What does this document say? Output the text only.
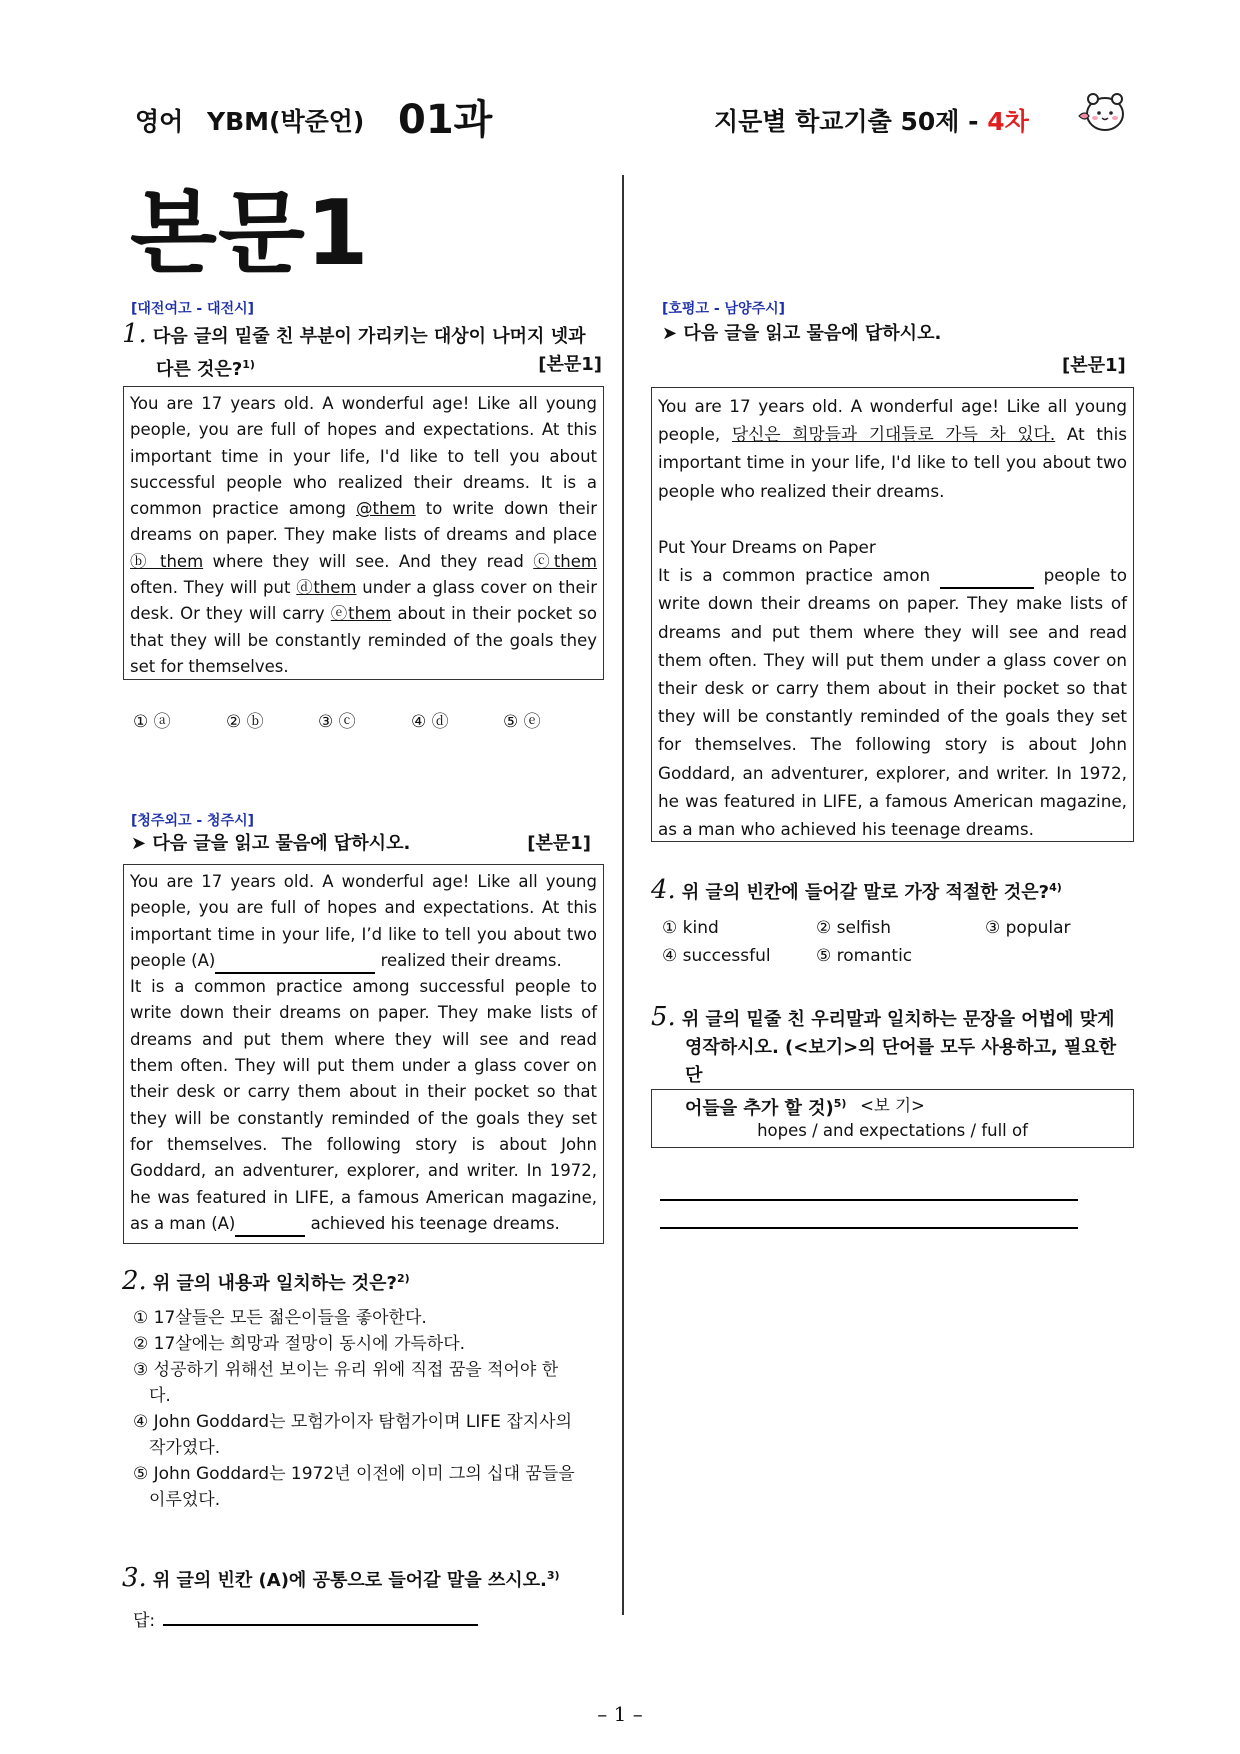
영어 YBM(박준언) 01과	지문별 학교기출 50제 - 4차
본문1
[대전여고 - 대전시]
1. 다음 글의 밑줄 친 부분이 가리키는 대상이 나머지 넷과
다른 것은?$^{1)}$	[본문1]
You are 17 years old. A wonderful age! Like all young people, you are full of hopes and expectations. At this important time in your life, I'd like to tell you about successful people who realized their dreams. It is a common practice among @them to write down their dreams on paper. They make lists of dreams and place ⓑ them where they will see. And they read ⓒthem often. They will put ⓓthem under a glass cover on their desk. Or they will carry ⓔthem about in their pocket so that they will be constantly reminded of the goals they set for themselves.
① ⓐ	② ⓑ	③ ⓒ	④ ⓓ	⑤ ⓔ
[청주외고 - 청주시]
➤ 다음 글을 읽고 물음에 답하시오.	[본문1]
You are 17 years old. A wonderful age! Like all young people, you are full of hopes and expectations. At this important time in your life, I’d like to tell you about two people (A)	realized their dreams.
It is a common practice among successful people to write down their dreams on paper. They make lists of dreams and put them where they will see and read them often. They will put them under a glass cover on their desk or carry them about in their pocket so that they will be constantly reminded of the goals they set for themselves. The following story is about John Goddard, an adventurer, explorer, and writer. In 1972, he was featured in LIFE, a famous American magazine, as a man (A)	achieved his teenage dreams.
2. 위 글의 내용과 일치하는 것은?$^{2)}$
① 17살들은 모든 젊은이들을 좋아한다.
② 17살에는 희망과 절망이 동시에 가득하다.
③ 성공하기 위해선 보이는 유리 위에 직접 꿈을 적어야 한
다.
④ John Goddard는 모험가이자 탐험가이며 LIFE 잡지사의
작가였다.
⑤ John Goddard는 1972년 이전에 이미 그의 십대 꿈들을
이루었다.
3. 위 글의 빈칸 (A)에 공통으로 들어갈 말을 쓰시오.$^{3)}$
답:
[호평고 - 남양주시]
➤ 다음 글을 읽고 물음에 답하시오.
[본문1]
You are 17 years old. A wonderful age! Like all young people, 당신은 희망들과 기대들로 가득 차 있다. At this important time in your life, I'd like to tell you about two people who realized their dreams.

Put Your Dreams on Paper
It is a common practice amon	people to write down their dreams on paper. They make lists of dreams and put them where they will see and read them often. They will put them under a glass cover on their desk or carry them about in their pocket so that they will be constantly reminded of the goals they set for themselves. The following story is about John Goddard, an adventurer, explorer, and writer. In 1972, he was featured in LIFE, a famous American magazine, as a man who achieved his teenage dreams.
4. 위 글의 빈칸에 들어갈 말로 가장 적절한 것은?$^{4)}$
① kind	② selfish	③ popular
④ successful	⑤ romantic
5. 위 글의 밑줄 친 우리말과 일치하는 문장을 어법에 맞게
영작하시오. (<보기>의 단어를 모두 사용하고, 필요한 단
어들을 추가 할 것)$^{5)}$ <보 기>
hopes / and expectations / full of
– 1 –
